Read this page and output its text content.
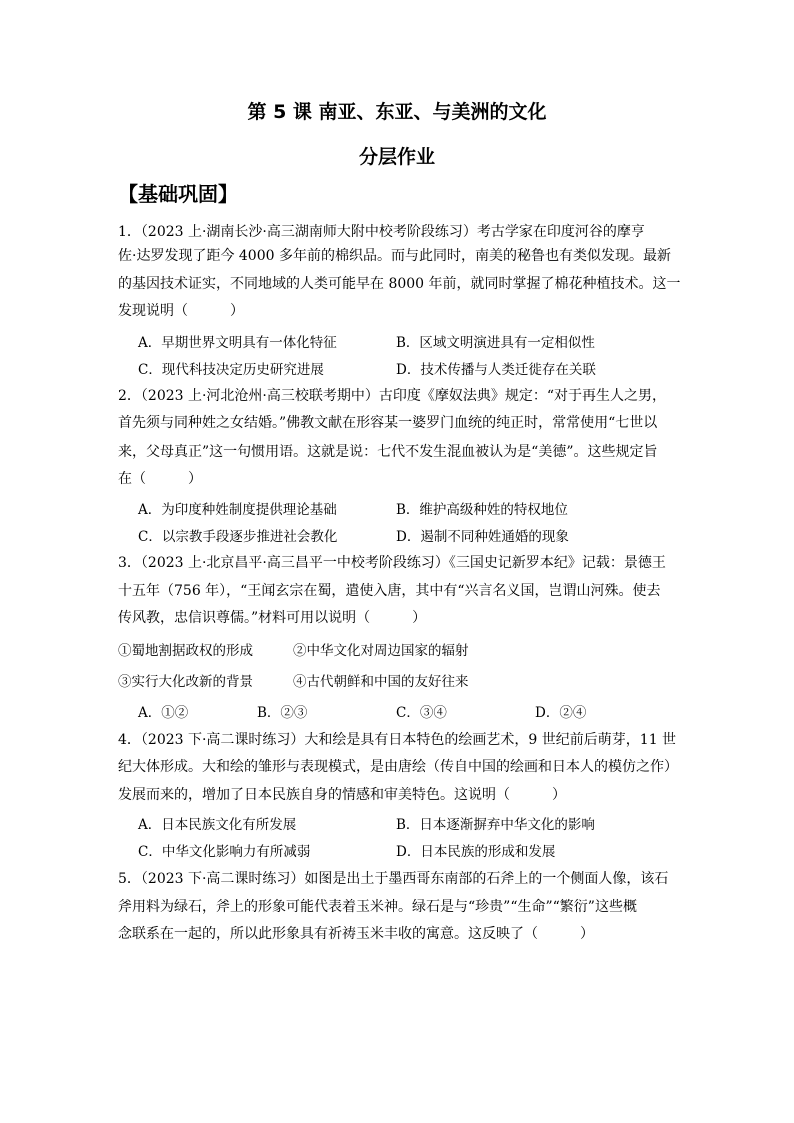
第 5 课 南亚、东亚、与美洲的文化
分层作业
【基础巩固】
1．（2023 上·湖南长沙·高三湖南师大附中校考阶段练习）考古学家在印度河谷的摩亨
佐·达罗发现了距今 4000 多年前的棉织品。而与此同时，南美的秘鲁也有类似发现。最新
的基因技术证实，不同地域的人类可能早在 8000 年前，就同时掌握了棉花种植技术。这一
发现说明（　　　）
A．早期世界文明具有一体化特征	B．区域文明演进具有一定相似性
C．现代科技决定历史研究进展	D．技术传播与人类迁徙存在关联
2．（2023 上·河北沧州·高三校联考期中）古印度《摩奴法典》规定：“对于再生人之男，
首先须与同种姓之女结婚。”佛教文献在形容某一婆罗门血统的纯正时，常常使用“七世以
来，父母真正”这一句惯用语。这就是说：七代不发生混血被认为是“美德”。这些规定旨
在（　　　）
A．为印度种姓制度提供理论基础	B．维护高级种姓的特权地位
C．以宗教手段逐步推进社会教化	D．遏制不同种姓通婚的现象
3．（2023 上·北京昌平·高三昌平一中校考阶段练习）《三国史记新罗本纪》记载：景德王
十五年（756 年），“王闻玄宗在蜀，遣使入唐，其中有“兴言名义国，岂谓山河殊。使去
传风教，忠信识尊儒。”材料可用以说明（　　　）
①蜀地割据政权的形成	②中华文化对周边国家的辐射
③实行大化改新的背景	④古代朝鲜和中国的友好往来
A．①②	B．②③	C．③④	D．②④
4．（2023 下·高二课时练习）大和绘是具有日本特色的绘画艺术，9 世纪前后萌芽，11 世
纪大体形成。大和绘的雏形与表现模式，是由唐绘（传自中国的绘画和日本人的模仿之作）
发展而来的，增加了日本民族自身的情感和审美特色。这说明（　　　）
A．日本民族文化有所发展	B．日本逐渐摒弃中华文化的影响
C．中华文化影响力有所减弱	D．日本民族的形成和发展
5．（2023 下·高二课时练习）如图是出土于墨西哥东南部的石斧上的一个侧面人像，该石
斧用料为绿石，斧上的形象可能代表着玉米神。绿石是与“珍贵”“生命”“繁衍”这些概
念联系在一起的，所以此形象具有祈祷玉米丰收的寓意。这反映了（　　　）
